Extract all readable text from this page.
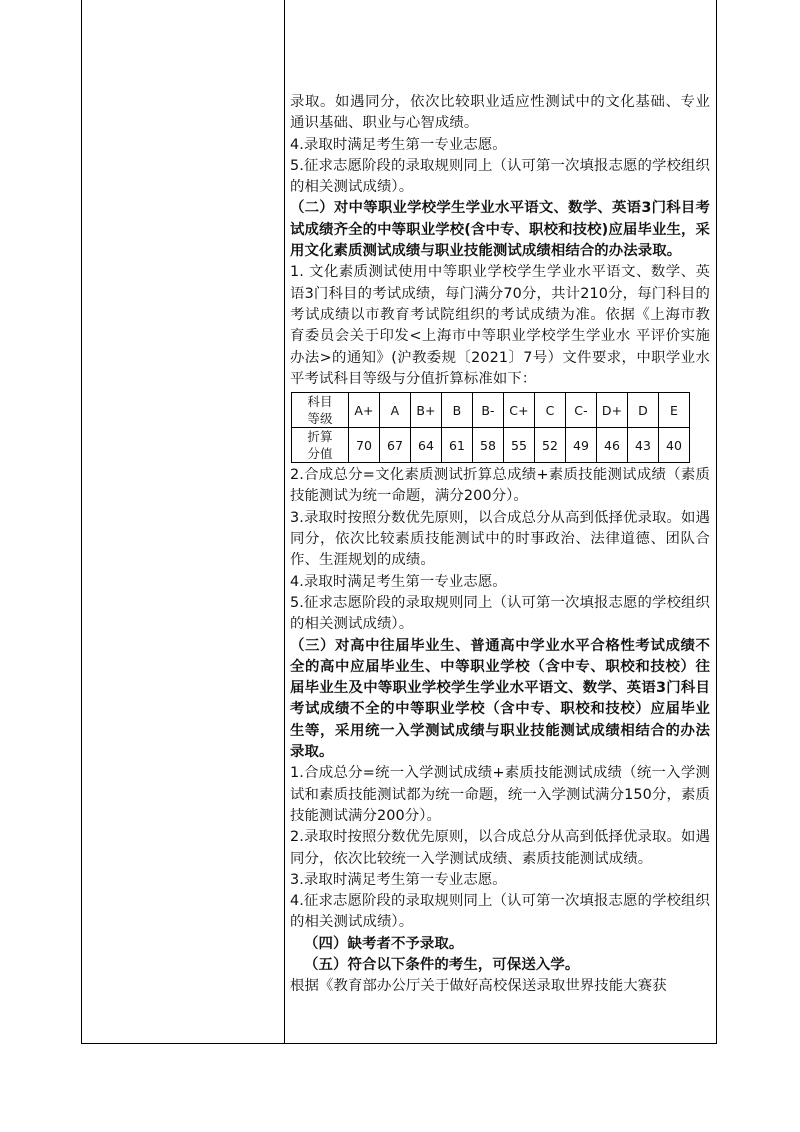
录取。如遇同分，依次比较职业适应性测试中的文化基础、专业通识基础、职业与心智成绩。

4.录取时满足考生第一专业志愿。

5.征求志愿阶段的录取规则同上（认可第一次填报志愿的学校组织的相关测试成绩）。

（二）对中等职业学校学生学业水平语文、数学、英语3门科目考试成绩齐全的中等职业学校(含中专、职校和技校)应届毕业生，采用文化素质测试成绩与职业技能测试成绩相结合的办法录取。

1. 文化素质测试使用中等职业学校学生学业水平语文、数学、英语3门科目的考试成绩，每门满分70分，共计210分，每门科目的考试成绩以市教育考试院组织的考试成绩为准。依据《上海市教育委员会关于印发<上海市中等职业学校学生学业水 平评价实施办法>的通知》(沪教委规〔2021〕7号）文件要求，中职学业水平考试科目等级与分值折算标准如下：

科目
等级	A+	A	B+	B	B-	C+	C	C-	D+	D	E

折算
分值	70	67	64	61	58	55	52	49	46	43	40

2.合成总分=文化素质测试折算总成绩+素质技能测试成绩（素质技能测试为统一命题，满分200分）。

3.录取时按照分数优先原则，以合成总分从高到低择优录取。如遇同分，依次比较素质技能测试中的时事政治、法律道德、团队合作、生涯规划的成绩。

4.录取时满足考生第一专业志愿。

5.征求志愿阶段的录取规则同上（认可第一次填报志愿的学校组织的相关测试成绩）。

（三）对高中往届毕业生、普通高中学业水平合格性考试成绩不全的高中应届毕业生、中等职业学校（含中专、职校和技校）往届毕业生及中等职业学校学生学业水平语文、数学、英语3门科目考试成绩不全的中等职业学校（含中专、职校和技校）应届毕业生等，采用统一入学测试成绩与职业技能测试成绩相结合的办法录取。

1.合成总分=统一入学测试成绩+素质技能测试成绩（统一入学测试和素质技能测试都为统一命题，统一入学测试满分150分，素质技能测试满分200分）。

2.录取时按照分数优先原则，以合成总分从高到低择优录取。如遇同分，依次比较统一入学测试成绩、素质技能测试成绩。

3.录取时满足考生第一专业志愿。

4.征求志愿阶段的录取规则同上（认可第一次填报志愿的学校组织的相关测试成绩）。

（四）缺考者不予录取。

（五）符合以下条件的考生，可保送入学。

根据《教育部办公厅关于做好高校保送录取世界技能大赛获
